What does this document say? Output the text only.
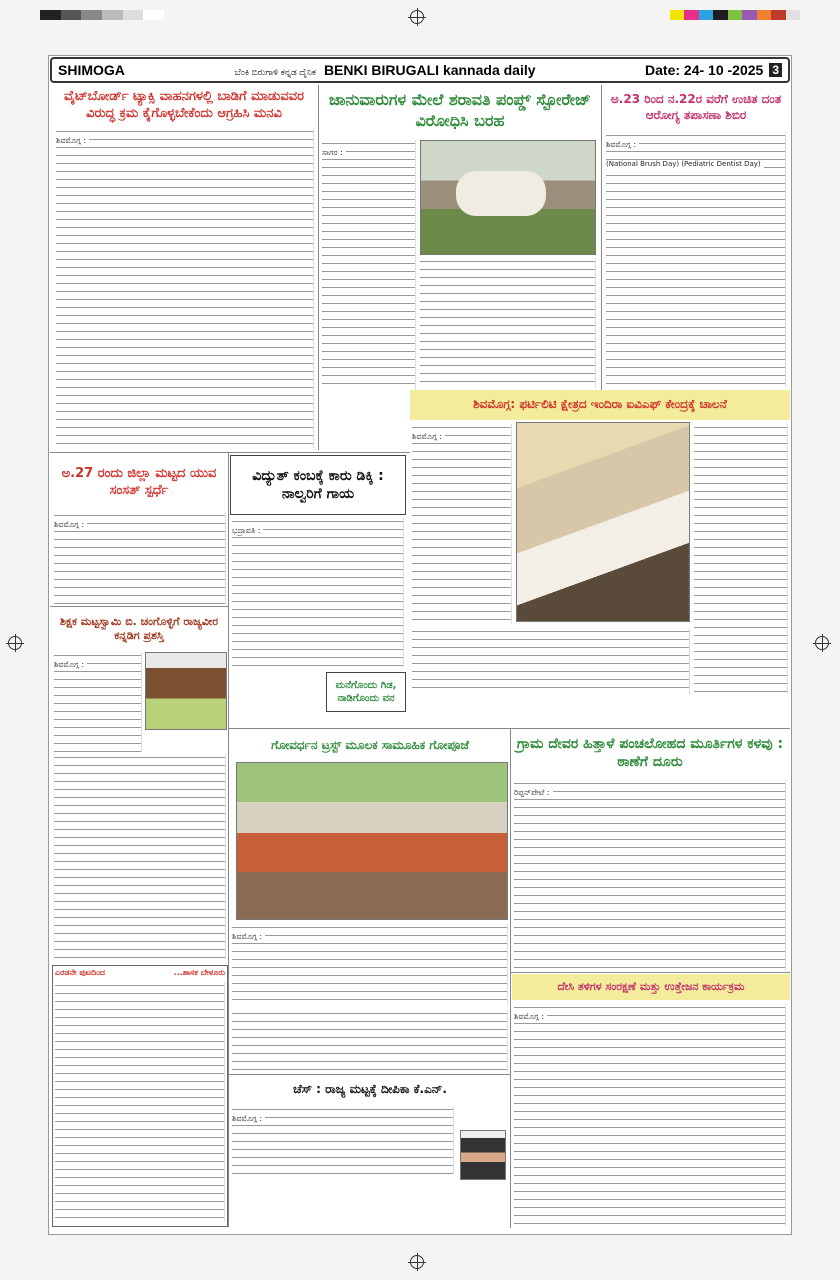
SHIMOGA	ಬೆಂಕಿ ಬಿರುಗಾಳಿ ಕನ್ನಡ ದೈನಿಕ BENKI BIRUGALI kannada daily	Date: 24- 10 -2025 3
ವೈಟ್‌ಬೋರ್ಡ್ ಟ್ಯಾಕ್ಸಿ ವಾಹನಗಳಲ್ಲಿ ಬಾಡಿಗೆ ಮಾಡುವವರ ವಿರುದ್ಧ ಕ್ರಮ ಕೈಗೊಳ್ಳಬೇಕೆಂದು ಆಗ್ರಹಿಸಿ ಮನವಿ
ಶಿವಮೊಗ್ಗ :
ಜಾನುವಾರುಗಳ ಮೇಲೆ ಶರಾವತಿ ಪಂಪ್ಡ್ ಸ್ಟೋರೇಜ್ ವಿರೋಧಿಸಿ ಬರಹ
ಸಾಗರ :
ಅ.23 ರಿಂದ ನ.22ರ ವರೆಗೆ ಉಚಿತ ದಂತ ಆರೋಗ್ಯ ತಪಾಸಣಾ ಶಿಬಿರ
ಶಿವಮೊಗ್ಗ :
(National Brush Day) (Pediatric Dentist Day)
ಶಿವಮೊಗ್ಗ: ಫರ್ಟಿಲಿಟಿ ಕ್ಷೇತ್ರದ ಇಂದಿರಾ ಐವಿಎಫ್ ಕೇಂದ್ರಕ್ಕೆ ಚಾಲನೆ
ಶಿವಮೊಗ್ಗ :
ಅ.27 ರಂದು ಜಿಲ್ಲಾ ಮಟ್ಟದ ಯುವ ಸಂಸತ್ ಸ್ಪರ್ಧೆ
ಶಿವಮೊಗ್ಗ :
ವಿದ್ಯುತ್ ಕಂಬಕ್ಕೆ ಕಾರು ಡಿಕ್ಕಿ : ನಾಲ್ವರಿಗೆ ಗಾಯ
ಭದ್ರಾವತಿ :
ಮನೆಗೊಂದು ಗಿಡ, ನಾಡಿಗೊಂದು ವನ
ಶಿಕ್ಷಕ ಮಟ್ಟಸ್ವಾಮಿ ಬಿ. ಚಂಗೊಳ್ಳಿಗೆ ರಾಜ್ಯವೀರ ಕನ್ನಡಿಗ ಪ್ರಶಸ್ತಿ
ಶಿವಮೊಗ್ಗ :
ಗೋವರ್ಧನ ಟ್ರಸ್ಟ್ ಮೂಲಕ ಸಾಮೂಹಿಕ ಗೋಪೂಜೆ
ಶಿವಮೊಗ್ಗ :
ಗ್ರಾಮ ದೇವರ ಹಿತ್ತಾಳೆ ಪಂಚಲೋಹದ ಮೂರ್ತಿಗಳ ಕಳವು : ಠಾಣೆಗೆ ದೂರು
ರಿಪ್ಪನ್‌ಪೇಟೆ :
ಎರಡನೇ ಪುಟದಿಂದ	...ಶಾಸಕ ಬೇಳೂರು
ಚೆಸ್ : ರಾಜ್ಯ ಮಟ್ಟಕ್ಕೆ ದೀಪಿಕಾ ಕೆ.ಎನ್.
ಶಿವಮೊಗ್ಗ :
ದೇಸಿ ತಳಿಗಳ ಸಂರಕ್ಷಣೆ ಮತ್ತು ಉತ್ತೇಜನ ಕಾರ್ಯಕ್ರಮ
ಶಿವಮೊಗ್ಗ :
